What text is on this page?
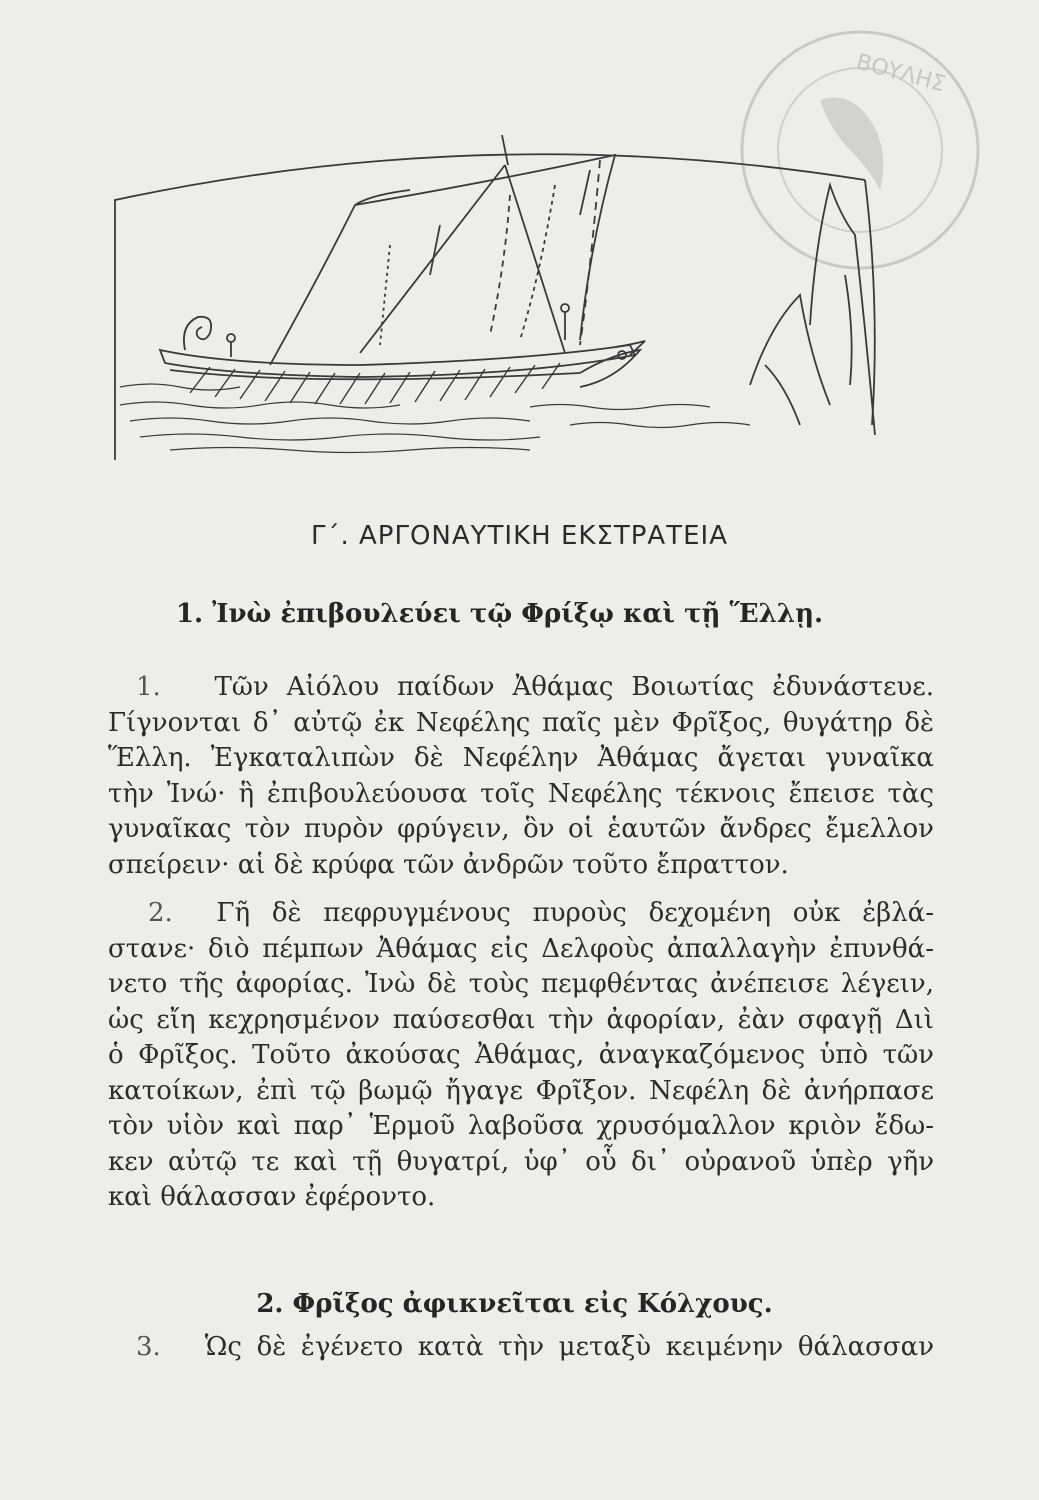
ΒΟΥΛΗΣ
Γ΄. ΑΡΓΟΝΑΥΤΙΚΗ ΕΚΣΤΡΑΤΕΙΑ
1. Ἰνὼ ἐπιβουλεύει τῷ Φρίξῳ καὶ τῇ Ἕλλῃ.
1. Τῶν Αἰόλου παίδων Ἀθάμας Βοιωτίας ἐδυνάστευε.
Γίγνονται δ᾽ αὐτῷ ἐκ Νεφέλης παῖς μὲν Φρῖξος, θυγάτηρ δὲ
Ἕλλη. Ἐγκαταλιπὼν δὲ Νεφέλην Ἀθάμας ἄγεται γυναῖκα
τὴν Ἰνώ· ἣ ἐπιβουλεύουσα τοῖς Νεφέλης τέκνοις ἔπεισε τὰς
γυναῖκας τὸν πυρὸν φρύγειν, ὃν οἱ ἑαυτῶν ἄνδρες ἔμελλον
σπείρειν· αἱ δὲ κρύφα τῶν ἀνδρῶν τοῦτο ἔπραττον.
2. Γῆ δὲ πεφρυγμένους πυροὺς δεχομένη οὐκ ἐβλά-
στανε· διὸ πέμπων Ἀθάμας εἰς Δελφοὺς ἀπαλλαγὴν ἐπυνθά-
νετο τῆς ἀφορίας. Ἰνὼ δὲ τοὺς πεμφθέντας ἀνέπεισε λέγειν,
ὡς εἴη κεχρησμένον παύσεσθαι τὴν ἀφορίαν, ἐὰν σφαγῇ Διὶ
ὁ Φρῖξος. Τοῦτο ἀκούσας Ἀθάμας, ἀναγκαζόμενος ὑπὸ τῶν
κατοίκων, ἐπὶ τῷ βωμῷ ἤγαγε Φρῖξον. Νεφέλη δὲ ἀνήρπασε
τὸν υἱὸν καὶ παρ᾽ Ἑρμοῦ λαβοῦσα χρυσόμαλλον κριὸν ἔδω-
κεν αὐτῷ τε καὶ τῇ θυγατρί, ὑφ᾽ οὗ δι᾽ οὐρανοῦ ὑπὲρ γῆν
καὶ θάλασσαν ἐφέροντο.
2. Φρῖξος ἀφικνεῖται εἰς Κόλχους.
3. Ὡς δὲ ἐγένετο κατὰ τὴν μεταξὺ κειμένην θάλασσαν
